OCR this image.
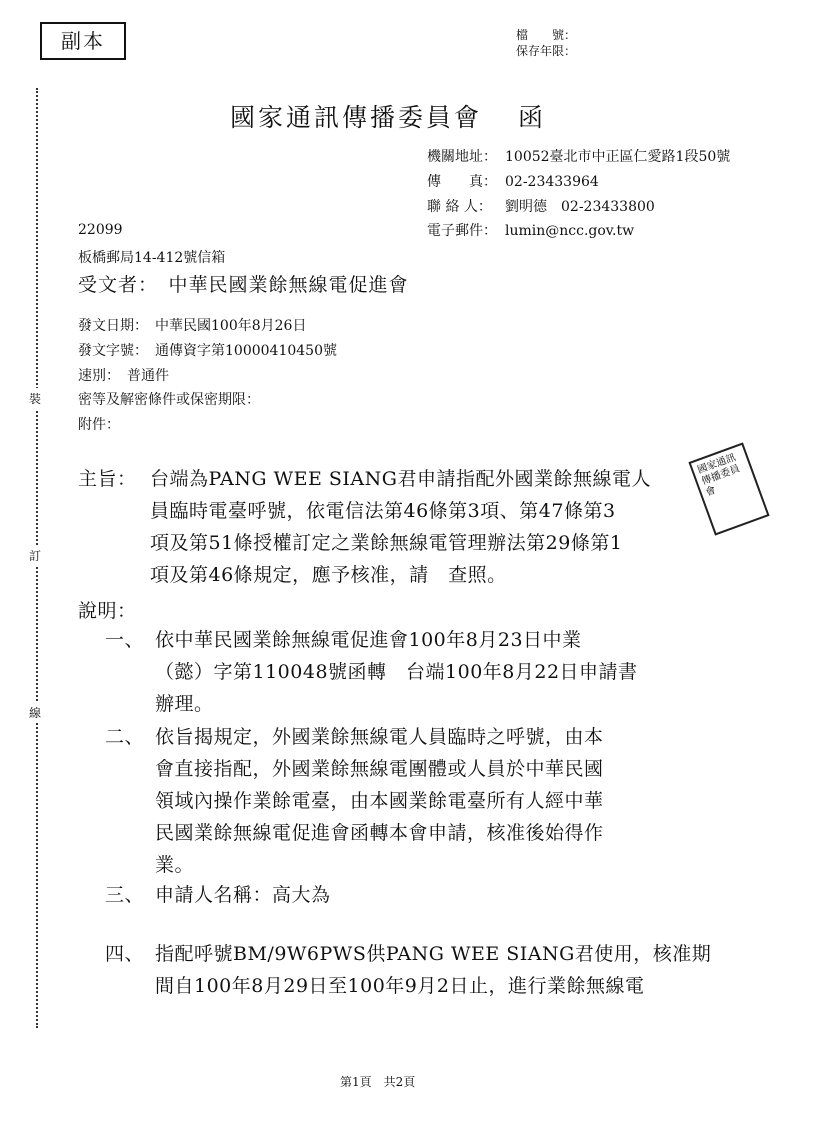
副本	檔　　號：
保存年限：
裝
訂
線
國家通訊傳播委員會 函
機關地址： 10052臺北市中正區仁愛路1段50號
傳　　真： 02-23433964
聯 絡 人： 劉明德　02-23433800
電子郵件： lumin@ncc.gov.tw
22099
板橋郵局14-412號信箱
受文者：　中華民國業餘無線電促進會
發文日期：　中華民國100年8月26日
發文字號：　通傳資字第10000410450號
速別：　普通件
密等及解密條件或保密期限：
附件：
主旨： 台端為PANG WEE SIANG君申請指配外國業餘無線電人
員臨時電臺呼號，依電信法第46條第3項、第47條第3
項及第51條授權訂定之業餘無線電管理辦法第29條第1
項及第46條規定，應予核准，請　查照。
說明：
一、 依中華民國業餘無線電促進會100年8月23日中業
（懿）字第110048號函轉　台端100年8月22日申請書
辦理。
二、 依旨揭規定，外國業餘無線電人員臨時之呼號，由本
會直接指配，外國業餘無線電團體或人員於中華民國
領域內操作業餘電臺，由本國業餘電臺所有人經中華
民國業餘無線電促進會函轉本會申請，核准後始得作
業。
三、 申請人名稱：高大為
四、 指配呼號BM/9W6PWS供PANG WEE SIANG君使用，核准期
間自100年8月29日至100年9月2日止，進行業餘無線電
國家通訊傳播委員會
第1頁　共2頁
